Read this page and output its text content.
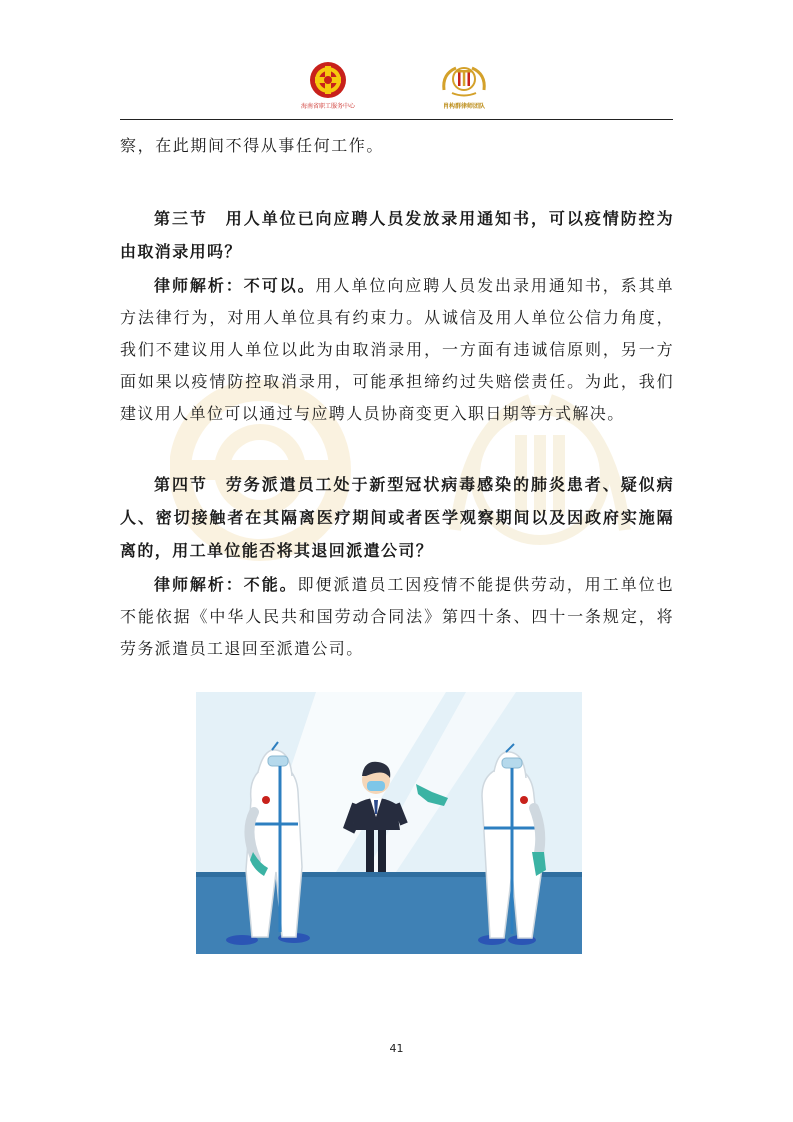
海南省职工服务中心	肖构群律师团队

察，在此期间不得从事任何工作。

第三节　用人单位已向应聘人员发放录用通知书，可以疫情防控为由取消录用吗？

律师解析：不可以。用人单位向应聘人员发出录用通知书，系其单方法律行为，对用人单位具有约束力。从诚信及用人单位公信力角度，我们不建议用人单位以此为由取消录用，一方面有违诚信原则，另一方面如果以疫情防控取消录用，可能承担缔约过失赔偿责任。为此，我们建议用人单位可以通过与应聘人员协商变更入职日期等方式解决。

第四节　劳务派遣员工处于新型冠状病毒感染的肺炎患者、疑似病人、密切接触者在其隔离医疗期间或者医学观察期间以及因政府实施隔离的，用工单位能否将其退回派遣公司？

律师解析：不能。即便派遣员工因疫情不能提供劳动，用工单位也不能依据《中华人民共和国劳动合同法》第四十条、四十一条规定，将劳务派遣员工退回至派遣公司。

41
